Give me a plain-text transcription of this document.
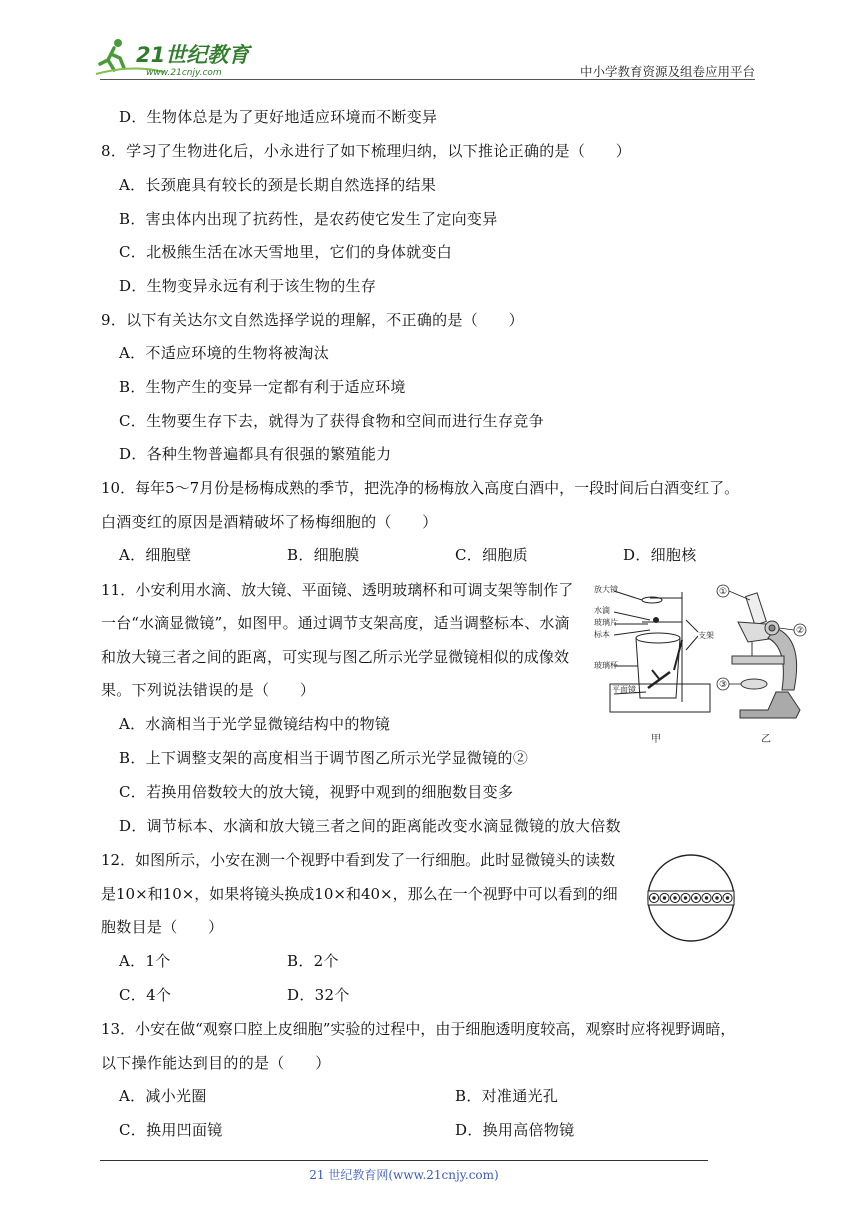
21世纪教育
www.21cnjy.com	中小学教育资源及组卷应用平台
D．生物体总是为了更好地适应环境而不断变异
8．学习了生物进化后，小永进行了如下梳理归纳，以下推论正确的是（　　）
A．长颈鹿具有较长的颈是长期自然选择的结果
B．害虫体内出现了抗药性，是农药使它发生了定向变异
C．北极熊生活在冰天雪地里，它们的身体就变白
D．生物变异永远有利于该生物的生存
9．以下有关达尔文自然选择学说的理解，不正确的是（　　）
A．不适应环境的生物将被淘汰
B．生物产生的变异一定都有利于适应环境
C．生物要生存下去，就得为了获得食物和空间而进行生存竞争
D．各种生物普遍都具有很强的繁殖能力
10．每年5～7月份是杨梅成熟的季节，把洗净的杨梅放入高度白酒中，一段时间后白酒变红了。
白酒变红的原因是酒精破坏了杨梅细胞的（　　）
A．细胞壁	B．细胞膜	C．细胞质	D．细胞核
11．小安利用水滴、放大镜、平面镜、透明玻璃杯和可调支架等制作了
一台“水滴显微镜”，如图甲。通过调节支架高度，适当调整标本、水滴
和放大镜三者之间的距离，可实现与图乙所示光学显微镜相似的成像效
果。下列说法错误的是（　　）
A．水滴相当于光学显微镜结构中的物镜
B．上下调整支架的高度相当于调节图乙所示光学显微镜的②
C．若换用倍数较大的放大镜，视野中观到的细胞数目变多
D．调节标本、水滴和放大镜三者之间的距离能改变水滴显微镜的放大倍数
12．如图所示，小安在测一个视野中看到发了一行细胞。此时显微镜头的读数
是10×和10×，如果将镜头换成10×和40×，那么在一个视野中可以看到的细
胞数目是（　　）
A．1个	B．2个
C．4个	D．32个
13．小安在做“观察口腔上皮细胞”实验的过程中，由于细胞透明度较高，观察时应将视野调暗，
以下操作能达到目的的是（　　）
A．减小光圈	B．对准通光孔
C．换用凹面镜	D．换用高倍物镜
放大镜
水滴
玻璃片
标本	支架
玻璃杯
平面镜
①
②
③
甲	乙
21 世纪教育网(www.21cnjy.com)
